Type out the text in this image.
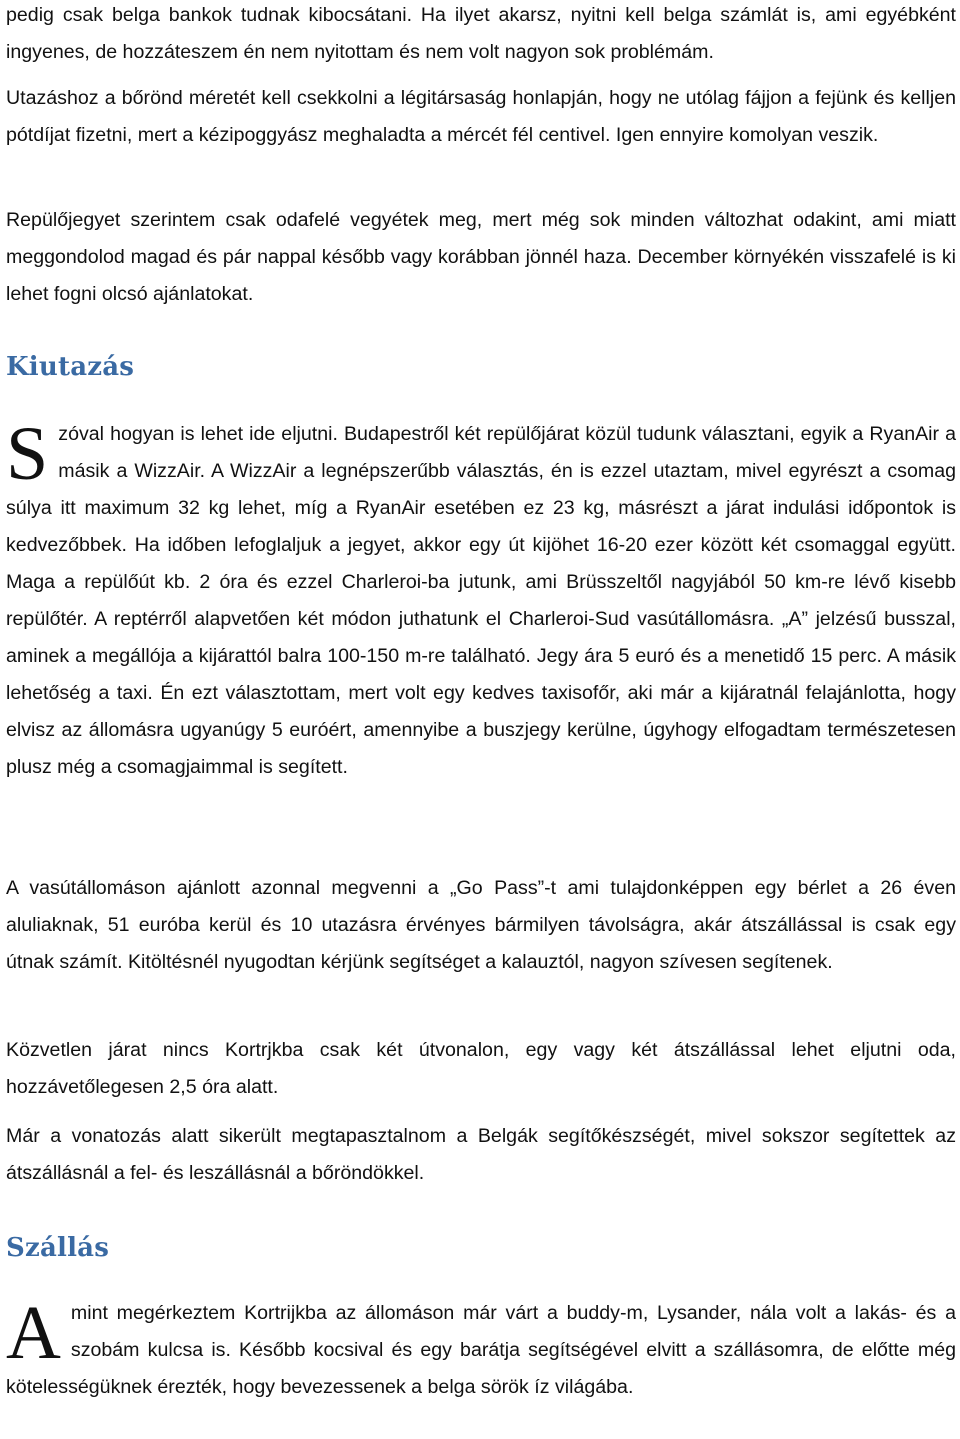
pedig csak belga bankok tudnak kibocsátani. Ha ilyet akarsz, nyitni kell belga számlát is, ami egyébként ingyenes, de hozzáteszem én nem nyitottam és nem volt nagyon sok problémám.

Utazáshoz a bőrönd méretét kell csekkolni a légitársaság honlapján, hogy ne utólag fájjon a fejünk és kelljen pótdíjat fizetni, mert a kézipoggyász meghaladta a mércét fél centivel. Igen ennyire komolyan veszik.

Repülőjegyet szerintem csak odafelé vegyétek meg, mert még sok minden változhat odakint, ami miatt meggondolod magad és pár nappal később vagy korábban jönnél haza. December környékén visszafelé is ki lehet fogni olcsó ajánlatokat.

Kiutazás

Szóval hogyan is lehet ide eljutni. Budapestről két repülőjárat közül tudunk választani, egyik a RyanAir a másik a WizzAir. A WizzAir a legnépszerűbb választás, én is ezzel utaztam, mivel egyrészt a csomag súlya itt maximum 32 kg lehet, míg a RyanAir esetében ez 23 kg, másrészt a járat indulási időpontok is kedvezőbbek. Ha időben lefoglaljuk a jegyet, akkor egy út kijöhet 16-20 ezer között két csomaggal együtt. Maga a repülőút kb. 2 óra és ezzel Charleroi-ba jutunk, ami Brüsszeltől nagyjából 50 km-re lévő kisebb repülőtér. A reptérről alapvetően két módon juthatunk el Charleroi-Sud vasútállomásra. „A” jelzésű busszal, aminek a megállója a kijárattól balra 100-150 m-re található. Jegy ára 5 euró és a menetidő 15 perc. A másik lehetőség a taxi. Én ezt választottam, mert volt egy kedves taxisofőr, aki már a kijáratnál felajánlotta, hogy elvisz az állomásra ugyanúgy 5 euróért, amennyibe a buszjegy kerülne, úgyhogy elfogadtam természetesen plusz még a csomagjaimmal is segített.

A vasútállomáson ajánlott azonnal megvenni a „Go Pass”-t ami tulajdonképpen egy bérlet a 26 éven aluliaknak, 51 euróba kerül és 10 utazásra érvényes bármilyen távolságra, akár átszállással is csak egy útnak számít. Kitöltésnél nyugodtan kérjünk segítséget a kalauztól, nagyon szívesen segítenek.

Közvetlen járat nincs Kortrjkba csak két útvonalon, egy vagy két átszállással lehet eljutni oda, hozzávetőlegesen 2,5 óra alatt.

Már a vonatozás alatt sikerült megtapasztalnom a Belgák segítőkészségét, mivel sokszor segítettek az átszállásnál a fel- és leszállásnál a bőröndökkel.

Szállás

Amint megérkeztem Kortrijkba az állomáson már várt a buddy-m, Lysander, nála volt a lakás- és a szobám kulcsa is. Később kocsival és egy barátja segítségével elvitt a szállásomra, de előtte még kötelességüknek érezték, hogy bevezessenek a belga sörök íz világába.
